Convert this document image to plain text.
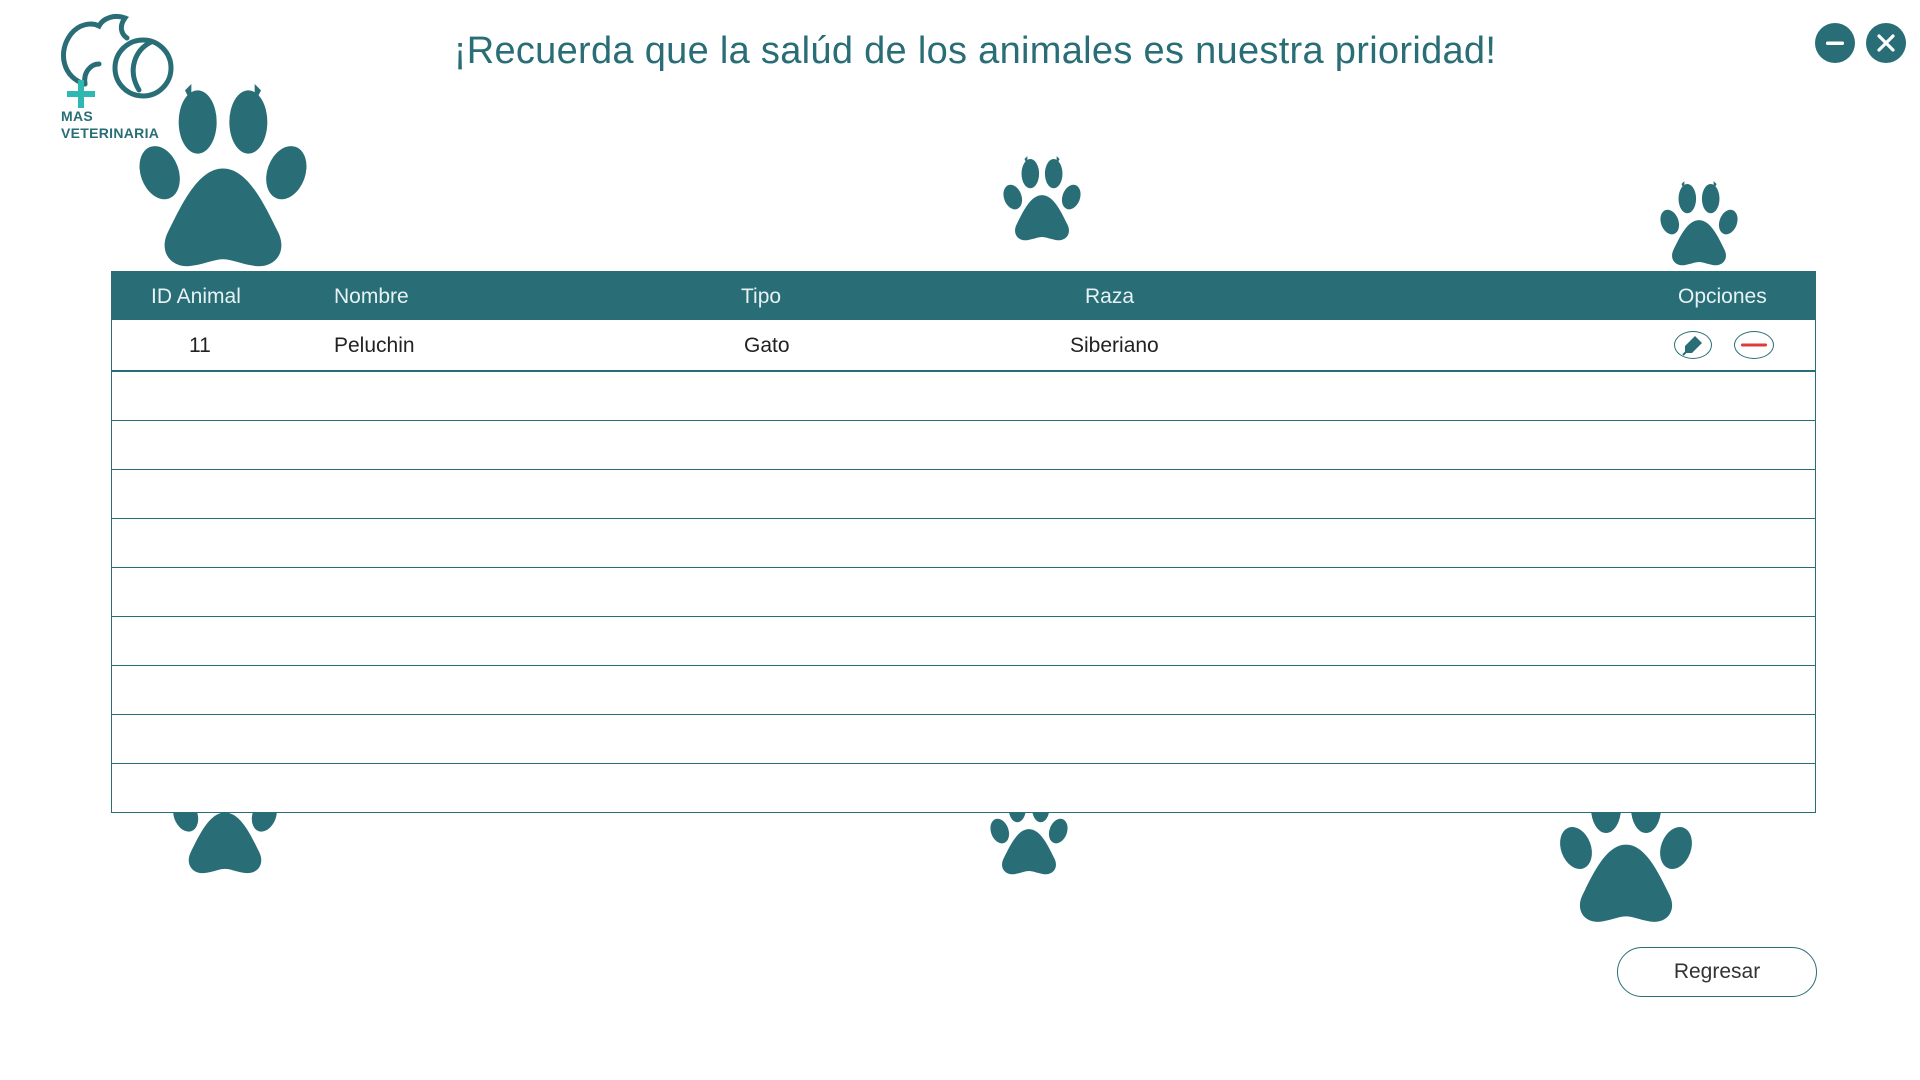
MAS
VETERINARIA
¡Recuerda que la salúd de los animales es nuestra prioridad!
ID Animal	Nombre	Tipo	Raza	Opciones
11	Peluchin	Gato	Siberiano
Regresar
